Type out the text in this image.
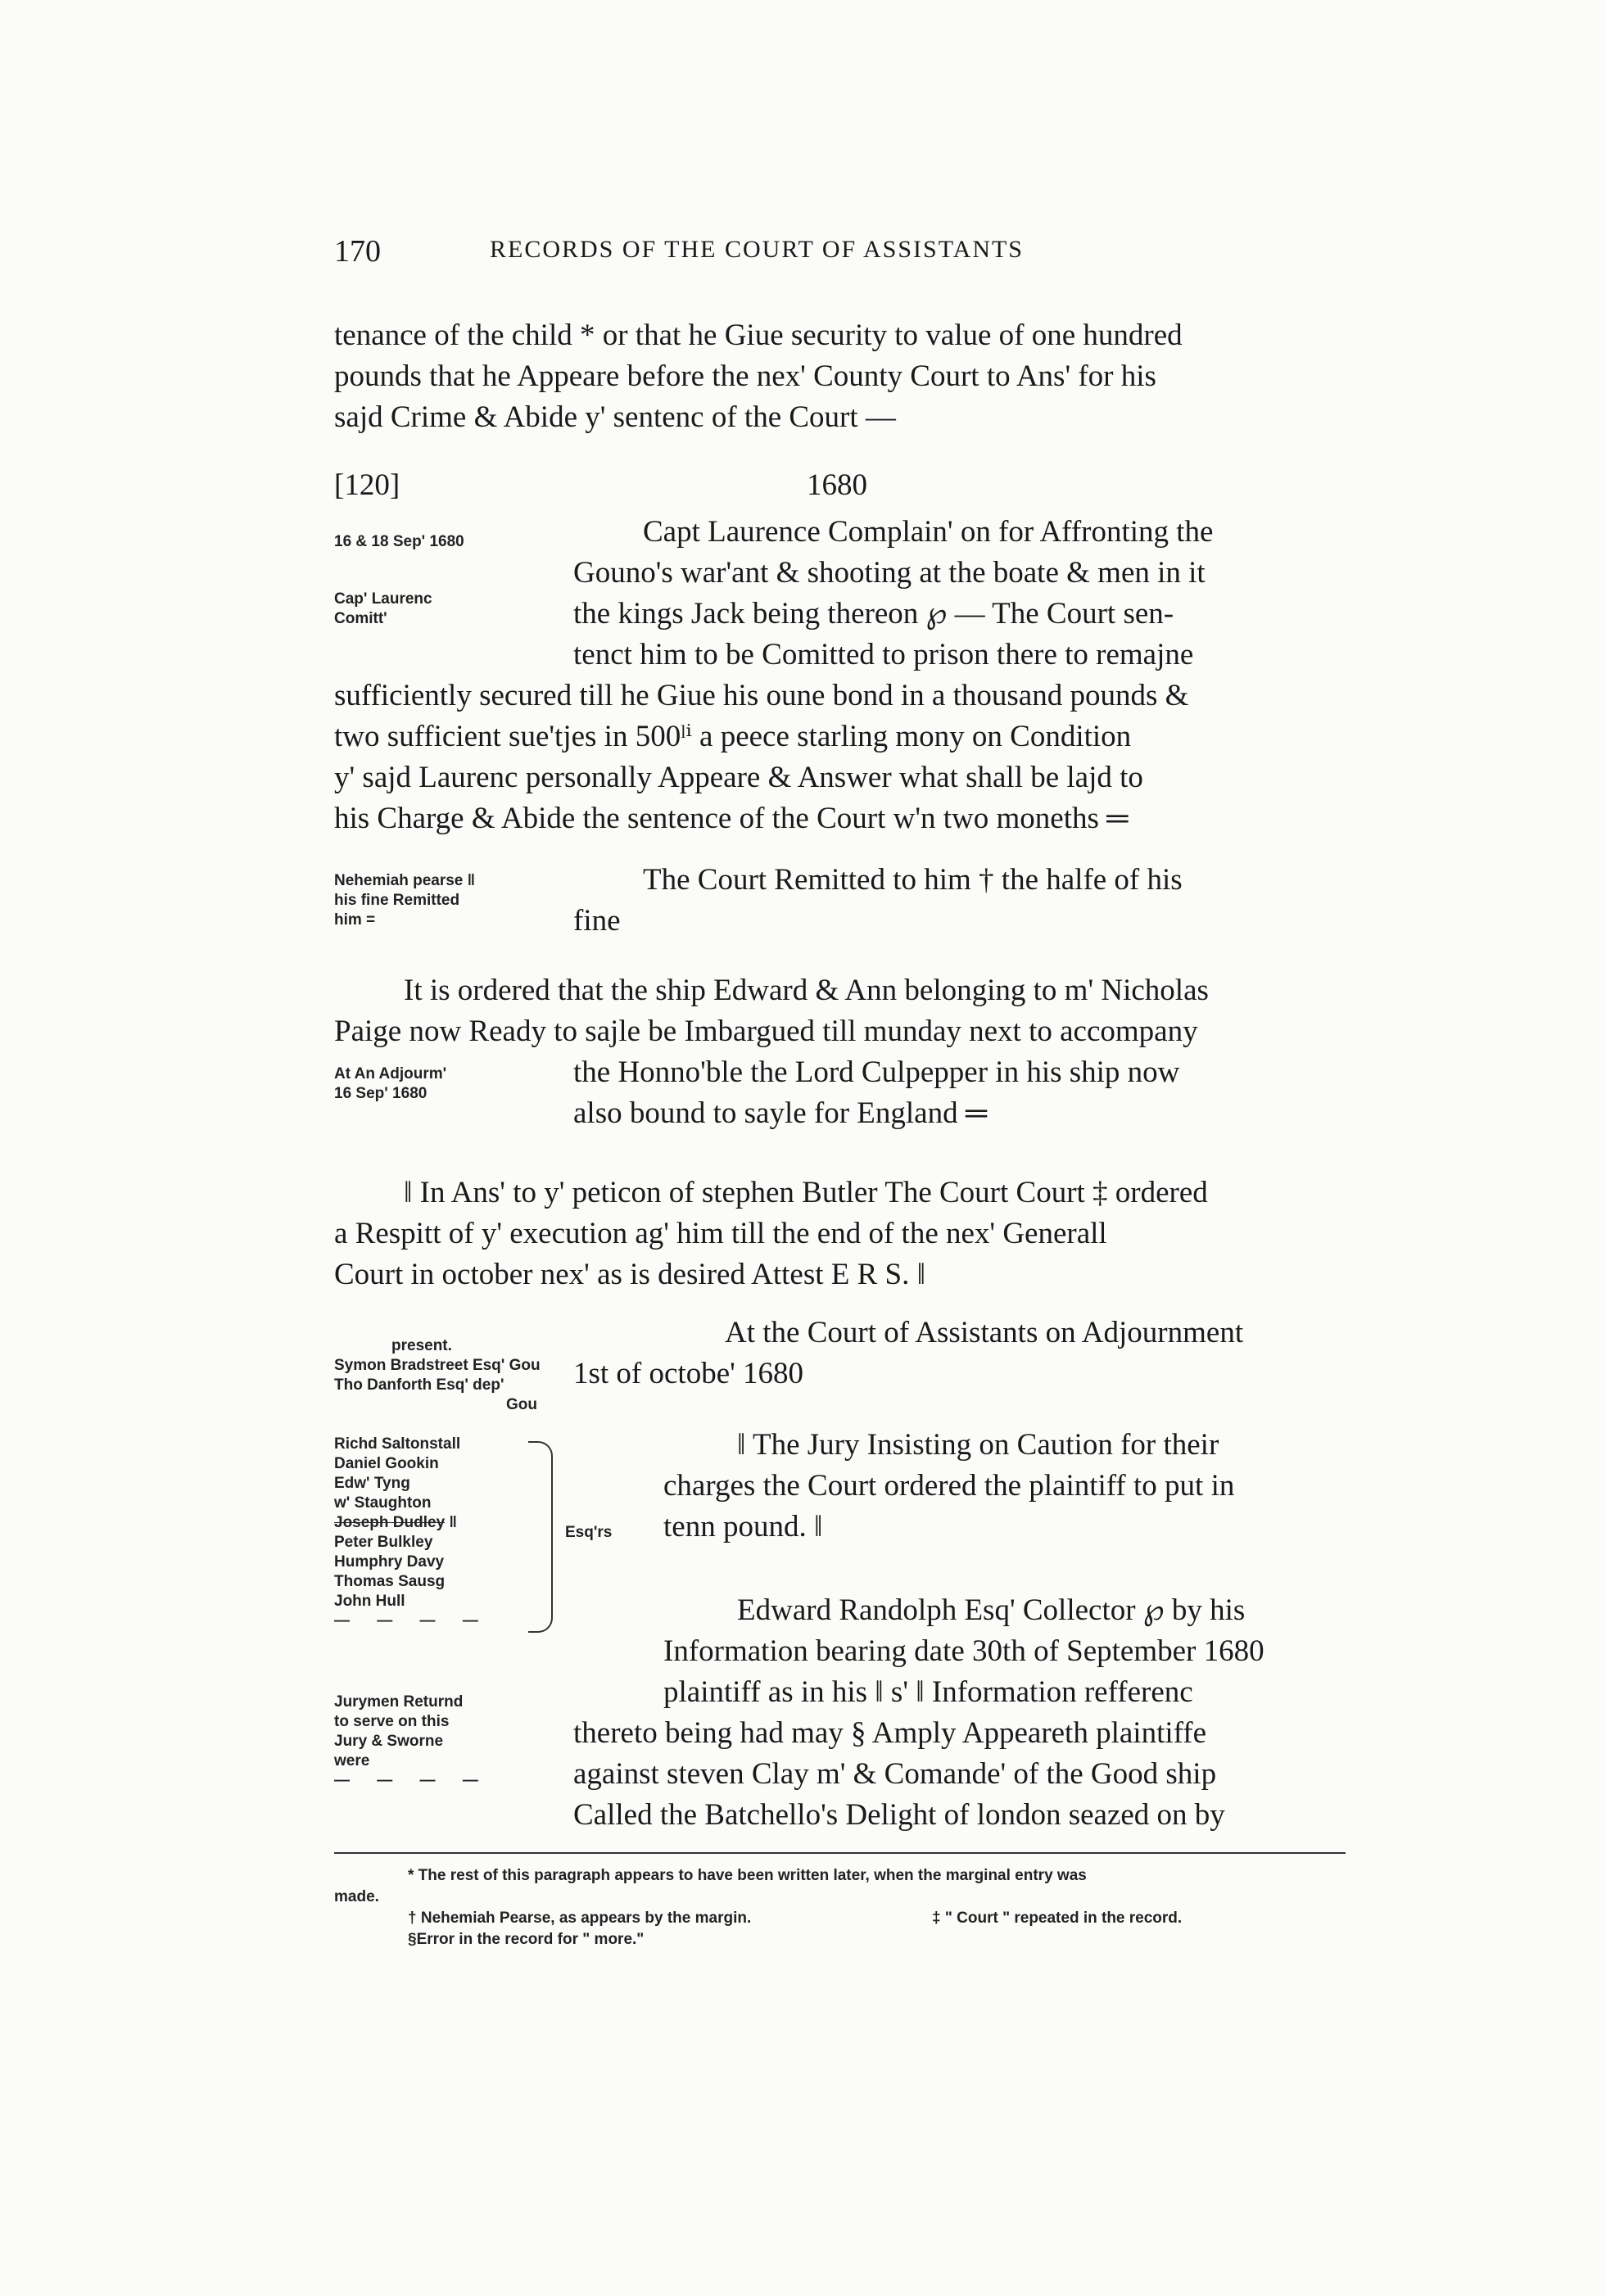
170	RECORDS OF THE COURT OF ASSISTANTS
tenance of the child * or that he Giue security to value of one hundred
pounds that he Appeare before the nex' County Court to Ans' for his
sajd Crime & Abide y' sentenc of the Court —
[120]	1680
16 & 18 Sep' 1680
Cap' Laurenc
Comitt'
Capt Laurence Complain' on for Affronting the
Gouno's war'ant & shooting at the boate & men in it
the kings Jack being thereon ℘ — The Court sen-
tenct him to be Comitted to prison there to remajne
sufficiently secured till he Giue his oune bond in a thousand pounds &
two sufficient sue'tjes in 500ˡⁱ a peece starling mony on Condition
y' sajd Laurenc personally Appeare & Answer what shall be lajd to
his Charge & Abide the sentence of the Court w'n two moneths ═
Nehemiah pearse ‖
his fine Remitted
him =
The Court Remitted to him † the halfe of his
fine
It is ordered that the ship Edward & Ann belonging to m' Nicholas
Paige now Ready to sajle be Imbargued till munday next to accompany
the Honno'ble the Lord Culpepper in his ship now
also bound to sayle for England ═
At An Adjourm'
16 Sep' 1680
‖ In Ans' to y' peticon of stephen Butler The Court Court ‡ ordered
a Respitt of y' execution ag' him till the end of the nex' Generall
Court in october nex' as is desired Attest E R S. ‖
At the Court of Assistants on Adjournment
1st of octobe' 1680
present.
Symon Bradstreet Esq' Gou
Tho Danforth Esq' dep'
Gou
Richd Saltonstall
Daniel Gookin
Edw' Tyng
w' Staughton
Joseph Dudley ‖
Peter Bulkley
Humphry Davy
Thomas Sausg
John Hull
— — — —
Esq'rs
Jurymen Returnd
to serve on this
Jury & Sworne
were
— — — —
‖ The Jury Insisting on Caution for their
charges the Court ordered the plaintiff to put in
tenn pound. ‖
Edward Randolph Esq' Collector ℘ by his
Information bearing date 30th of September 1680
plaintiff as in his ‖ s' ‖ Information refferenc
thereto being had may § Amply Appeareth plaintiffe
against steven Clay m' & Comande' of the Good ship
Called the Batchello's Delight of london seazed on by
* The rest of this paragraph appears to have been written later, when the marginal entry was
made.
† Nehemiah Pearse, as appears by the margin.	‡ " Court " repeated in the record.
§Error in the record for " more."
